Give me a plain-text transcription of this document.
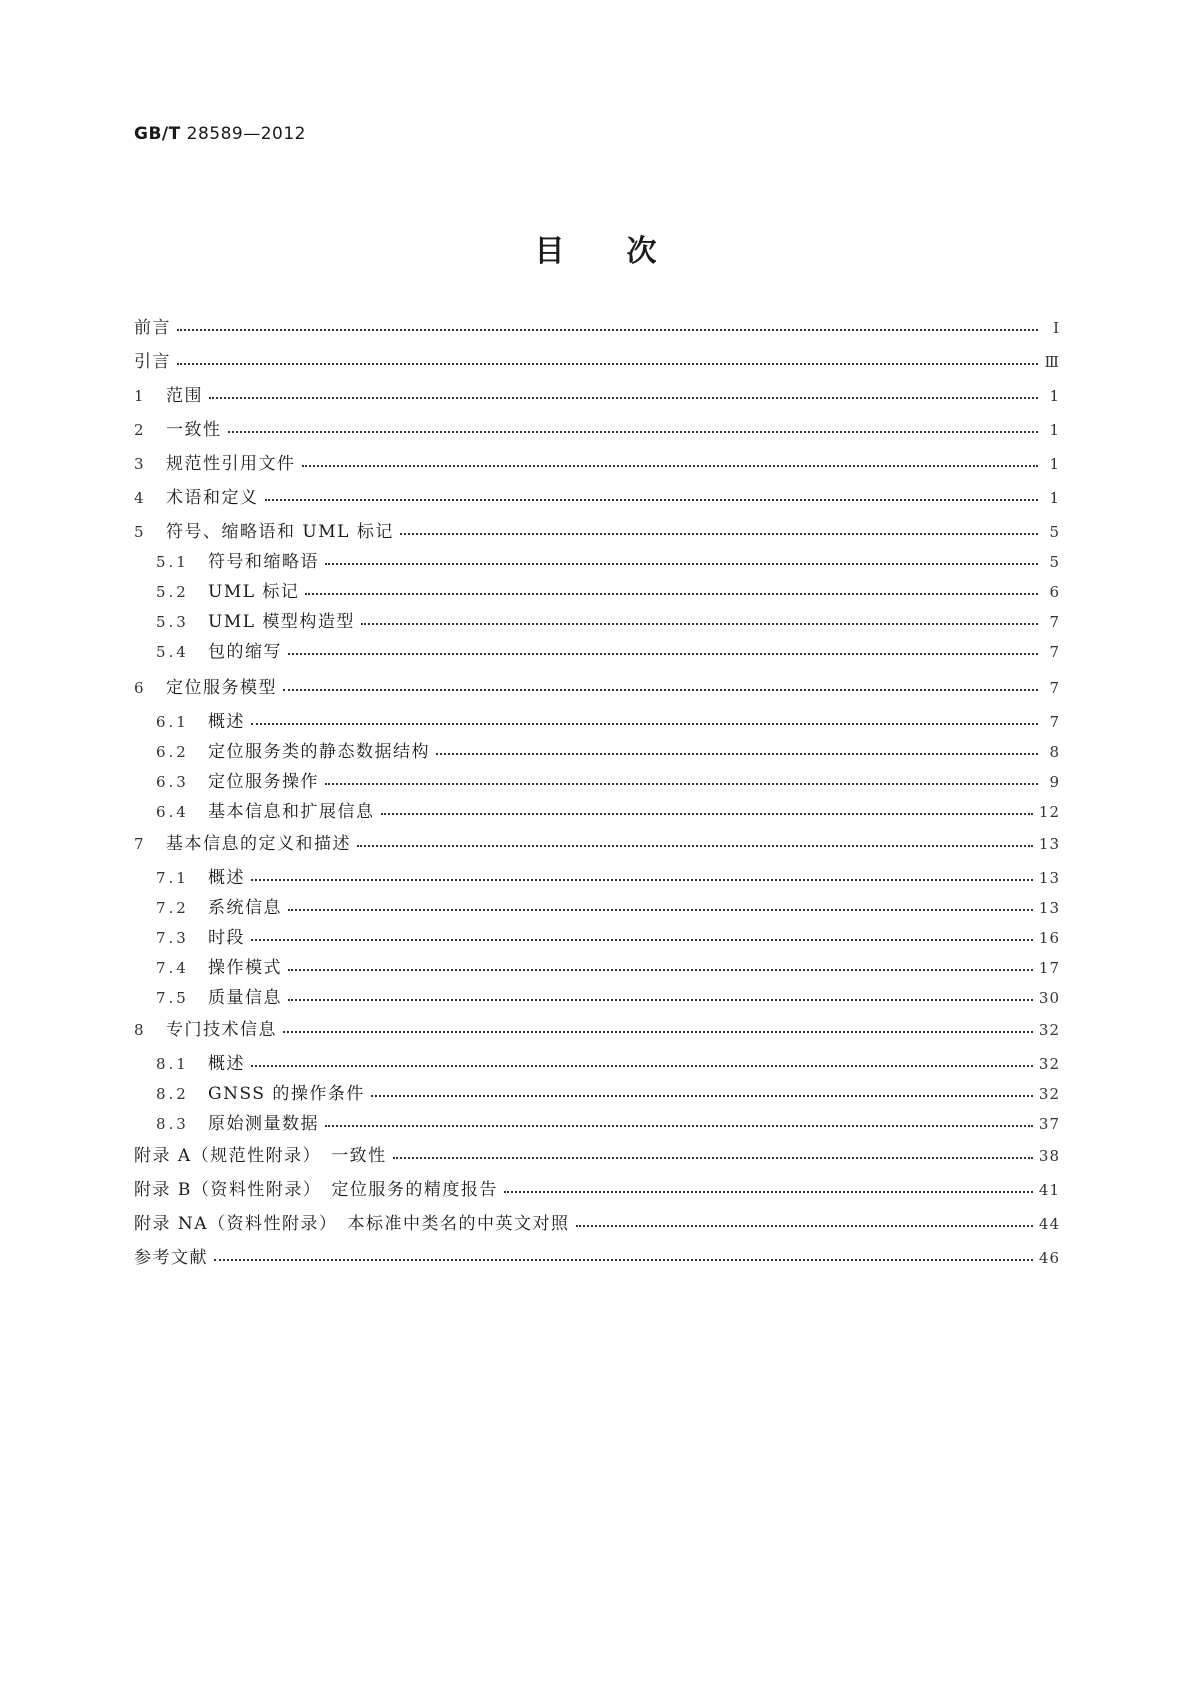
GB/T 28589—2012
目次
前言	Ⅰ
引言	Ⅲ
1	范围	1
2	一致性	1
3	规范性引用文件	1
4	术语和定义	1
5	符号、缩略语和 UML 标记	5
5.1	符号和缩略语	5
5.2	UML 标记	6
5.3	UML 模型构造型	7
5.4	包的缩写	7
6	定位服务模型	7
6.1	概述	7
6.2	定位服务类的静态数据结构	8
6.3	定位服务操作	9
6.4	基本信息和扩展信息	12
7	基本信息的定义和描述	13
7.1	概述	13
7.2	系统信息	13
7.3	时段	16
7.4	操作模式	17
7.5	质量信息	30
8	专门技术信息	32
8.1	概述	32
8.2	GNSS 的操作条件	32
8.3	原始测量数据	37
附录 A（规范性附录）　一致性	38
附录 B（资料性附录）　定位服务的精度报告	41
附录 NA（资料性附录）　本标准中类名的中英文对照	44
参考文献	46
